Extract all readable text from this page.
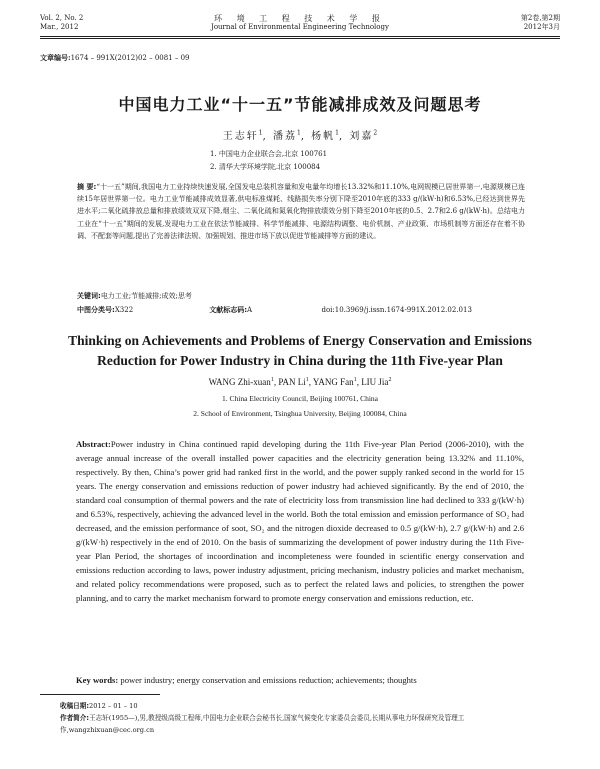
Vol. 2, No. 2
Mar., 2012
环 境 工 程 技 术 学 报
Journal of Environmental Engineering Technology
第2卷,第2期
2012年3月
文章编号:1674 – 991X(2012)02 – 0081 – 09
中国电力工业“十一五”节能减排成效及问题思考
王志轩$^1$, 潘荔$^1$, 杨帆$^1$, 刘嘉$^2$
1. 中国电力企业联合会,北京 100761
2. 清华大学环境学院,北京 100084
摘 要:“十一五”期间,我国电力工业持续快速发展,全国发电总装机容量和发电量年均增长13.32%和11.10%,电网规模已居世界第一,电源规模已连续15年居世界第一位。电力工业节能减排成效显著,供电标准煤耗、线路损失率分别下降至2010年底的333 g/(kW·h)和6.53%,已经达到世界先进水平;二氧化硫排放总量和排放绩效双双下降,烟尘、二氧化硫和氮氧化物排放绩效分别下降至2010年底的0.5、2.7和2.6 g/(kW·h)。总结电力工业在“十一五”期间的发展,发现电力工业在依法节能减排、科学节能减排、电源结构调整、电价机制、产业政策、市场机制等方面还存在着不协调、不配套等问题,提出了完善法律法规、加强规划、推进市场下放以促进节能减排等方面的建议。
关键词:电力工业;节能减排;成效;思考
中图分类号:X322	文献标志码:A	doi:10.3969/j.issn.1674-991X.2012.02.013
Thinking on Achievements and Problems of Energy Conservation and Emissions
Reduction for Power Industry in China during the 11th Five-year Plan
WANG Zhi-xuan$^1$, PAN Li$^1$, YANG Fan$^1$, LIU Jia$^2$
1. China Electricity Council, Beijing 100761, China
2. School of Environment, Tsinghua University, Beijing 100084, China
Abstract:Power industry in China continued rapid developing during the 11th Five-year Plan Period (2006-2010), with the average annual increase of the overall installed power capacities and the electricity generation being 13.32% and 11.10%, respectively. By then, China’s power grid had ranked first in the world, and the power supply ranked second in the world for 15 years. The energy conservation and emissions reduction of power industry had achieved significantly. By the end of 2010, the standard coal consumption of thermal powers and the rate of electricity loss from transmission line had declined to 333 g/(kW·h) and 6.53%, respectively, achieving the advanced level in the world. Both the total emission and emission performance of SO₂ had decreased, and the emission performance of soot, SO₂ and the nitrogen dioxide decreased to 0.5 g/(kW·h), 2.7 g/(kW·h) and 2.6 g/(kW·h) respectively in the end of 2010. On the basis of summarizing the development of power industry during the 11th Five-year Plan Period, the shortages of incoordination and incompleteness were founded in scientific energy conservation and emissions reduction according to laws, power industry adjustment, pricing mechanism, industry policies and market mechanism, and related policy recommendations were proposed, such as to perfect the related laws and policies, to strengthen the power planning, and to carry the market mechanism forward to promote energy conservation and emissions reduction, etc.
Key words: power industry; energy conservation and emissions reduction; achievements; thoughts
收稿日期:2012 – 01 – 10
作者简介:王志轩(1955—),男,教授级高级工程师,中国电力企业联合会秘书长,国家气候变化专家委员会委员,长期从事电力环保研究及管理工作,wangzhixuan@cec.org.cn
